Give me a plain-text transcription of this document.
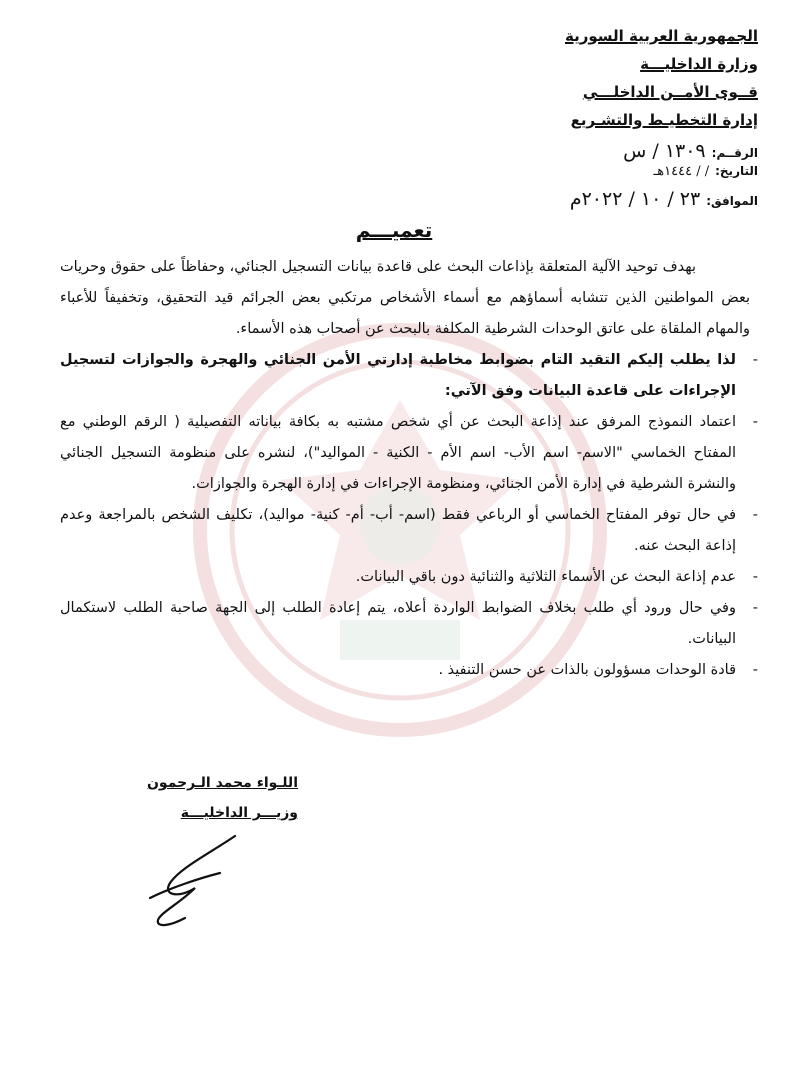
الجمهورية العربية السورية
وزارة الداخليـــة
قــوى الأمــن الداخلـــي
إدارة التخطيـط والتشـريع
الرقــم:
١٣٠٩ / س
التاريخ:
/ / ١٤٤٤هـ
الموافق:
٢٣ / ١٠ / ٢٠٢٢م
تعميـــم

بهدف توحيد الآلية المتعلقة بإذاعات البحث على قاعدة بيانات التسجيل الجنائي، وحفاظاً على حقوق وحريات بعض المواطنين الذين تتشابه أسماؤهم مع أسماء الأشخاص مرتكبي بعض الجرائم قيد التحقيق، وتخفيفاً للأعباء والمهام الملقاة على عاتق الوحدات الشرطية المكلفة بالبحث عن أصحاب هذه الأسماء.

-
لذا يطلب إليكم التقيد التام بضوابط مخاطبة إدارتي الأمن الجنائي والهجرة والجوازات لتسجيل الإجراءات على قاعدة البيانات وفق الآتي:
-
اعتماد النموذج المرفق عند إذاعة البحث عن أي شخص مشتبه به بكافة بياناته التفصيلية ( الرقم الوطني مع المفتاح الخماسي "الاسم- اسم الأب- اسم الأم - الكنية - المواليد")، لنشره على منظومة التسجيل الجنائي والنشرة الشرطية في إدارة الأمن الجنائي، ومنظومة الإجراءات في إدارة الهجرة والجوازات.
-
في حال توفر المفتاح الخماسي أو الرباعي فقط (اسم- أب- أم- كنية- مواليد)، تكليف الشخص بالمراجعة وعدم إذاعة البحث عنه.
-
عدم إذاعة البحث عن الأسماء الثلاثية والثنائية دون باقي البيانات.
-
وفي حال ورود أي طلب بخلاف الضوابط الواردة أعلاه، يتم إعادة الطلب إلى الجهة صاحبة الطلب لاستكمال البيانات.
-
قادة الوحدات مسؤولون بالذات عن حسن التنفيذ .
اللـواء محمد الـرحمون
وزيـــر الداخليـــة
